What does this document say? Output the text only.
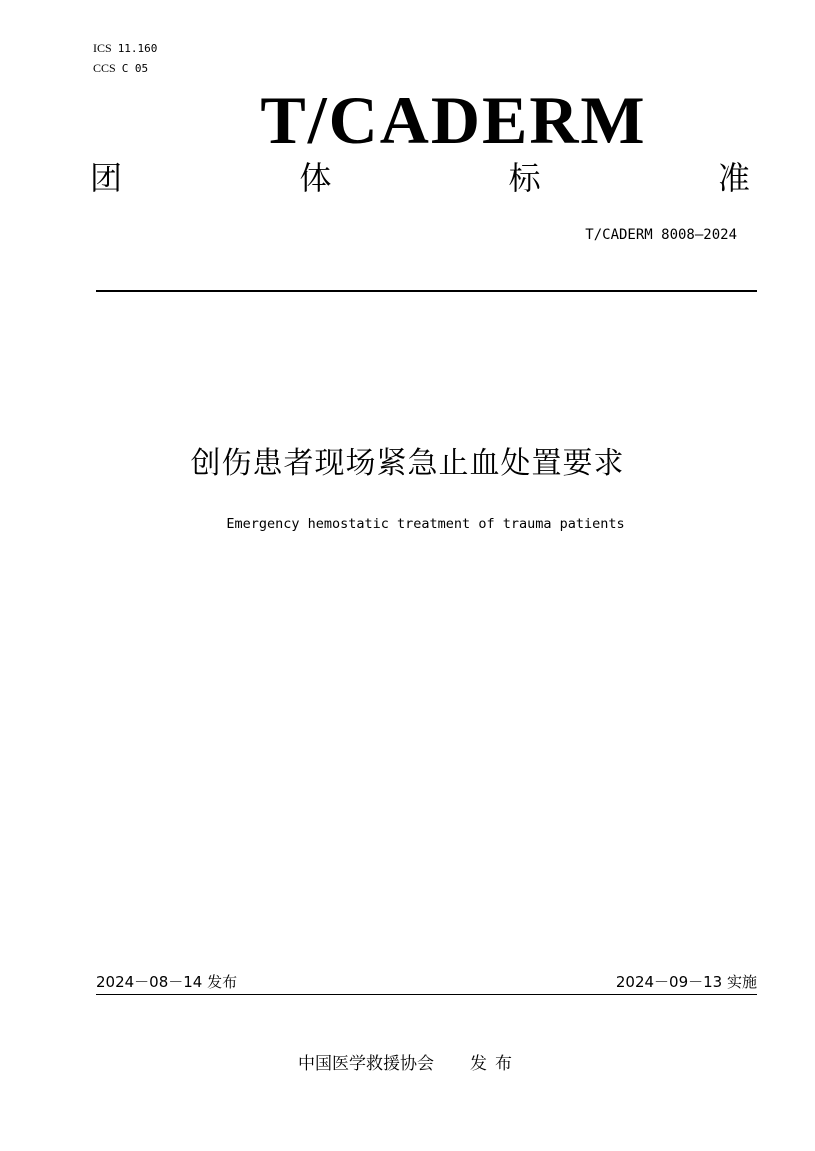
ICS 11.160
CCS C 05
T/CADERM
团	体	标	准
T/CADERM 8008—2024
创伤患者现场紧急止血处置要求
Emergency hemostatic treatment of trauma patients
2024－08－14 发布	2024－09－13 实施
中国医学救援协会 发布
